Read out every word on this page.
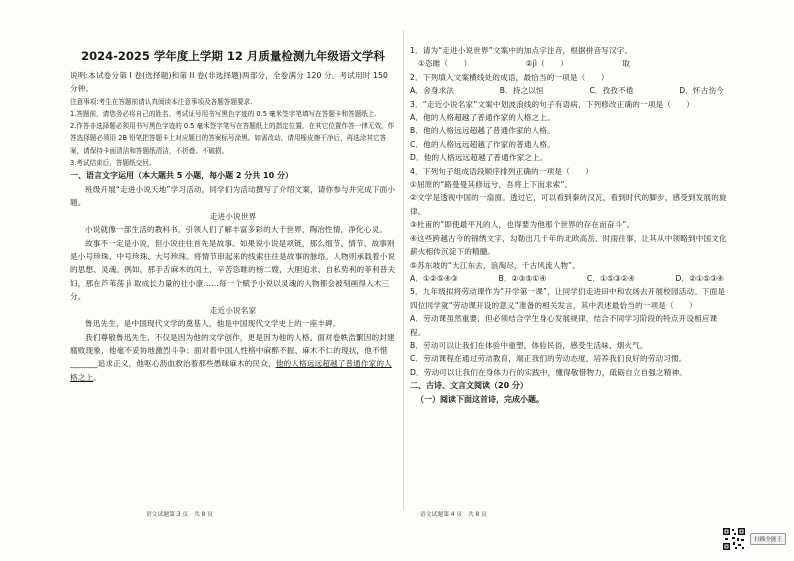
2024-2025 学年度上学期 12 月质量检测九年级语文学科

说明:本试卷分第 I 卷(选择题)和第 II 卷(非选择题)两部分，全卷满分 120 分。考试用时 150 分钟。

注意事项:考生在答题前请认真阅读本注意事项及各题答题要求.

1.答题前，请您务必将自己的姓名、考试证号用书写黑色字迹的 0.5 毫米签字笔填写在答题卡和答题纸上.

2.作答非选择题必须用书写黑色字迹的 0.5 毫米签字笔写在答题纸上的指定位置，在其它位置作答一律无效。作答选择题必须用 2B 铅笔把答题卡上对应题目的答案标号涂黑。如需改动，请用橡皮擦干净后，再选涂其它答案，请保持卡面清洁和答题纸清洁，不折叠、不破损。

3.考试结束后，答题纸交回。

一、语言文字运用（本大题共 5 小题，每小题 2 分共 10 分）

班级开展“走进小说天地”学习活动，同学们为活动撰写了介绍文案，请你参与并完成下面小题。

走进小说世界

小说就像一部生活的教科书。引领人们了解丰富多彩的大千世界，陶冶性情，净化心灵。

故事不一定是小说，但小说往往首先是故事。如果说小说是项链，那么细节、情节、故事则是小号珍珠、中号珍珠、大号珍珠。将情节串起来的线索往往是故事的脉络。人物则承载着小说的思想、灵魂。例如，那手舌麻木的闰土，辛苦恣睢的杨二嫂，大胆追求、自私势利的菲利普夫妇，那在芦苇荡 jì 取成长力量的社小康……每一个赋予小说以灵魂的人物都会被刻画得入木三分。

走近小说名家

鲁迅先生，是中国现代文学的奠基人，他是中国现代文学史上的一座丰碑。

我们尊敬鲁迅先生，不仅是因为他的文学创作，更是因为他的人格。面对卷帙浩繁因的封建腐败现象，他毫不妥协地激烈斗争；面对着中国人性格中麻醉不振、麻木不仁的现状，他不惜_______追求正义，他呕心沥血救治着那些愚昧麻木的民众，他的人格远远超越了普通作家的人格之上。

1．请为“走进小说世界”文案中的加点字注音，根据拼音写汉字。

①恣睢（　　）	②jì（　　）	取

2．下列填入文案横线处的成语，最恰当的一项是（　　）

A．舍身求法	B．持之以恒	C．孜孜不倦	D．怀古伤今

3．“走近小说名家”文案中划波浪线的句子有语病，下列修改正确的一项是（　　）

A．他的人格超越了普通作家的人格之上。

B．他的人格远远超越了普通作家的人格。

C．他的人格远远超越了作家的普通人格。

D．他的人格远远超越了普通作家之上。

4．下列句子组成语段顺序排列正确的一项是（　　）

①屈原的“路曼曼其修远兮，吾将上下而求索”。

②文学是透视中国的一扇窗。透过它，可以看到秦砖汉瓦，看到时代的脚步，感受到发展的旋律。

③杜甫的“即使最平凡的人，也得要为他那个世界的存在而奋斗”。

④这些跨越古今的锦绣文字，勾勒出几千年的北欧高岳、时雨往事，让其从中领略到中国文化薪火相传沉淀下的精髓。

⑤苏东坡的“大江东去，浪淘尽，千古风流人物”。

A．①②⑤④③	B．②③⑤①④	C．①⑤③②④	D．②①⑤③④

5．九年级拟将劳动课作为“开学第一课”，让同学们走进田中和农场去开展校园活动。下面是四位同学就“劳动课开设的意义”准备的相关发言，其中表述最恰当的一项是（　　）

A．劳动课虽然重要，但必须结合学生身心发展规律，结合不同学习阶段的特点开设相应课程。

B．劳动可以让我们在体验中重塑，体验民俗，感受生活味、烟火气。

C．劳动课程在通过劳动教育，端正我们的劳动态度，培养我们良好的劳动习惯。

D．劳动可以让我们在身体力行的实践中，懂得敬惜物力，砥砺自立自强之精神。

二、古诗、文言文阅读（20 分）

（一）阅读下面这首诗，完成小题。

语文试题第 3 页　共 8 页	语文试题第 4 页　共 8 页
扫描全能王
